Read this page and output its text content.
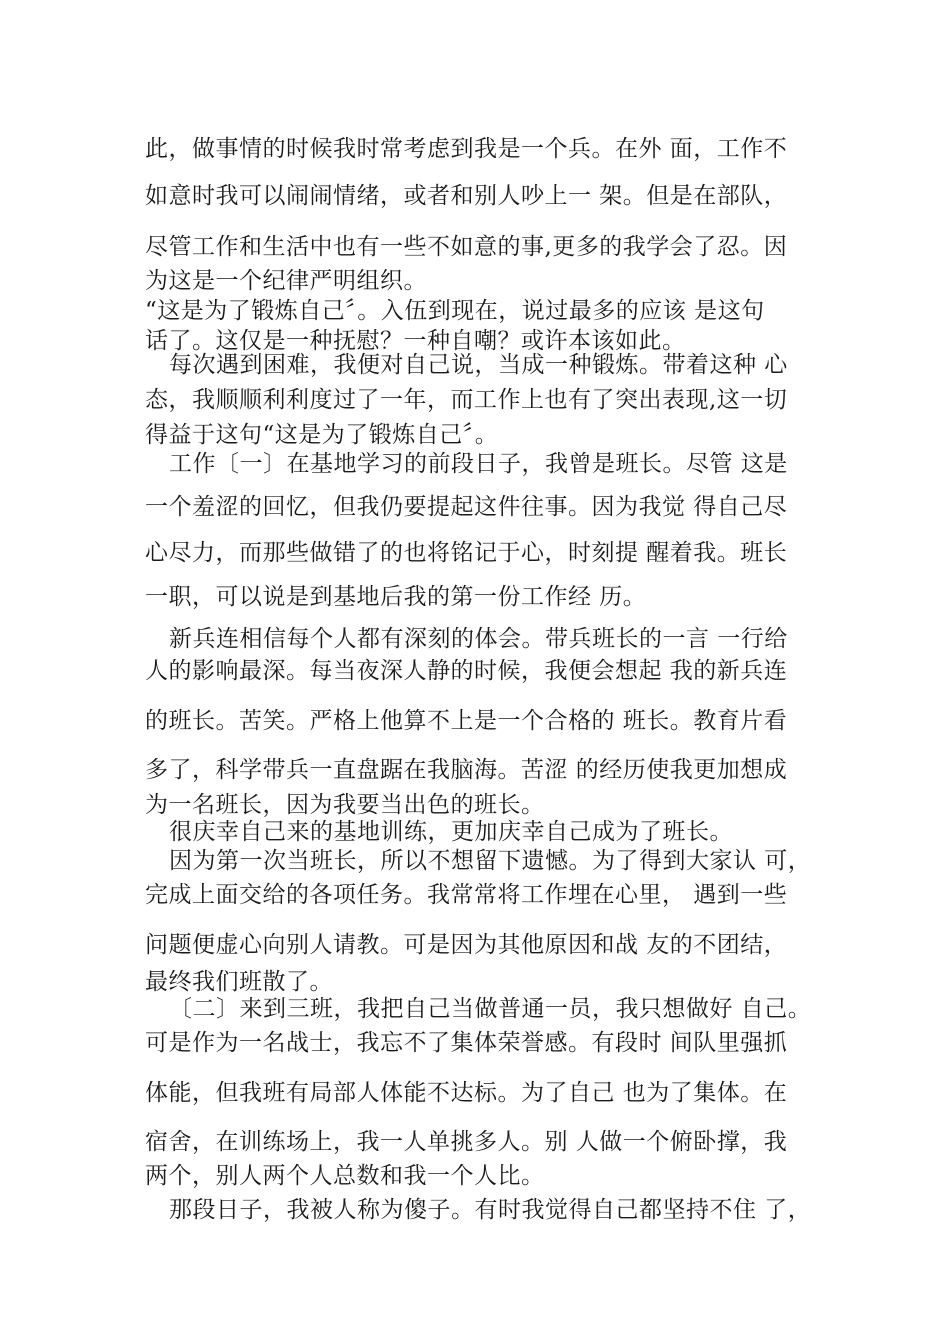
此，做事情的时候我时常考虑到我是一个兵。在外 面，工作不
如意时我可以闹闹情绪，或者和别人吵上一 架。但是在部队，
尽管工作和生活中也有一些不如意的事,更多的我学会了忍。因
为这是一个纪律严明组织。
“这是为了锻炼自己〞。入伍到现在，说过最多的应该 是这句
话了。这仅是一种抚慰？一种自嘲？或许本该如此。
每次遇到困难，我便对自己说，当成一种锻炼。带着这种 心
态，我顺顺利利度过了一年，而工作上也有了突出表现,这一切
得益于这句“这是为了锻炼自己〞。
工作〔一〕在基地学习的前段日子，我曾是班长。尽管 这是
一个羞涩的回忆，但我仍要提起这件往事。因为我觉 得自己尽
心尽力，而那些做错了的也将铭记于心，时刻提 醒着我。班长
一职，可以说是到基地后我的第一份工作经 历。
新兵连相信每个人都有深刻的体会。带兵班长的一言 一行给
人的影响最深。每当夜深人静的时候，我便会想起 我的新兵连
的班长。苦笑。严格上他算不上是一个合格的 班长。教育片看
多了，科学带兵一直盘踞在我脑海。苦涩 的经历使我更加想成
为一名班长，因为我要当出色的班长。
很庆幸自己来的基地训练，更加庆幸自己成为了班长。
因为第一次当班长，所以不想留下遗憾。为了得到大家认 可，
完成上面交给的各项任务。我常常将工作埋在心里， 遇到一些
问题便虚心向别人请教。可是因为其他原因和战 友的不团结，
最终我们班散了。
〔二〕来到三班，我把自己当做普通一员，我只想做好 自己。
可是作为一名战士，我忘不了集体荣誉感。有段时 间队里强抓
体能，但我班有局部人体能不达标。为了自己 也为了集体。在
宿舍，在训练场上，我一人单挑多人。别 人做一个俯卧撑，我
两个，别人两个人总数和我一个人比。
那段日子，我被人称为傻子。有时我觉得自己都坚持不住 了，
